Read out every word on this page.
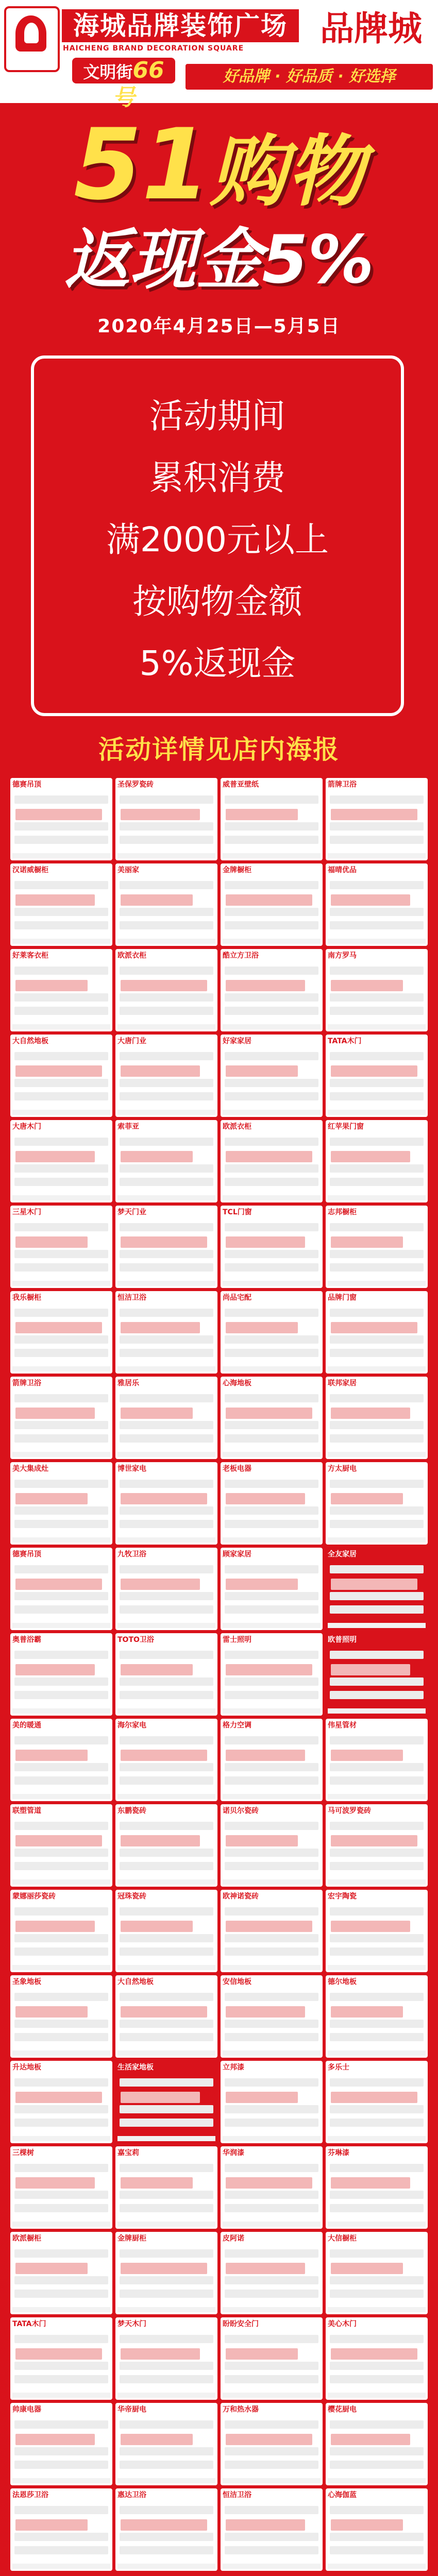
海城品牌装饰广场
HAICHENG BRAND DECORATION SQUARE
文明街66号
品牌城
好品牌 · 好品质 · 好选择
51购物
返现金5%
2020年4月25日—5月5日

活动期间

累积消费

满2000元以上

按购物金额

5%返现金

活动详情见店内海报
德赛吊顶	圣保罗瓷砖	威普亚壁纸	箭牌卫浴
汉诺威橱柜	美丽家	金牌橱柜	福晴优品
好莱客衣柜	欧派衣柜	酷立方卫浴	南方罗马
大自然地板	大唐门业	好家家居	TATA木门
大唐木门	索菲亚	欧派衣柜	红苹果门窗
三星木门	梦天门业	TCL门窗	志邦橱柜
我乐橱柜	恒洁卫浴	尚品宅配	品牌门窗
箭牌卫浴	雅居乐	心海地板	联邦家居
美大集成灶	博世家电	老板电器	方太厨电
德赛吊顶	九牧卫浴	顾家家居	全友家居
奥普浴霸	TOTO卫浴	雷士照明	欧普照明
美的暖通	海尔家电	格力空调	伟星管材
联塑管道	东鹏瓷砖	诺贝尔瓷砖	马可波罗瓷砖
蒙娜丽莎瓷砖	冠珠瓷砖	欧神诺瓷砖	宏宇陶瓷
圣象地板	大自然地板	安信地板	德尔地板
升达地板	生活家地板	立邦漆	多乐士
三棵树	嘉宝莉	华润漆	芬琳漆
欧派橱柜	金牌厨柜	皮阿诺	大信橱柜
TATA木门	梦天木门	盼盼安全门	美心木门
帅康电器	华帝厨电	万和热水器	樱花厨电
法恩莎卫浴	惠达卫浴	恒洁卫浴	心海伽蓝
